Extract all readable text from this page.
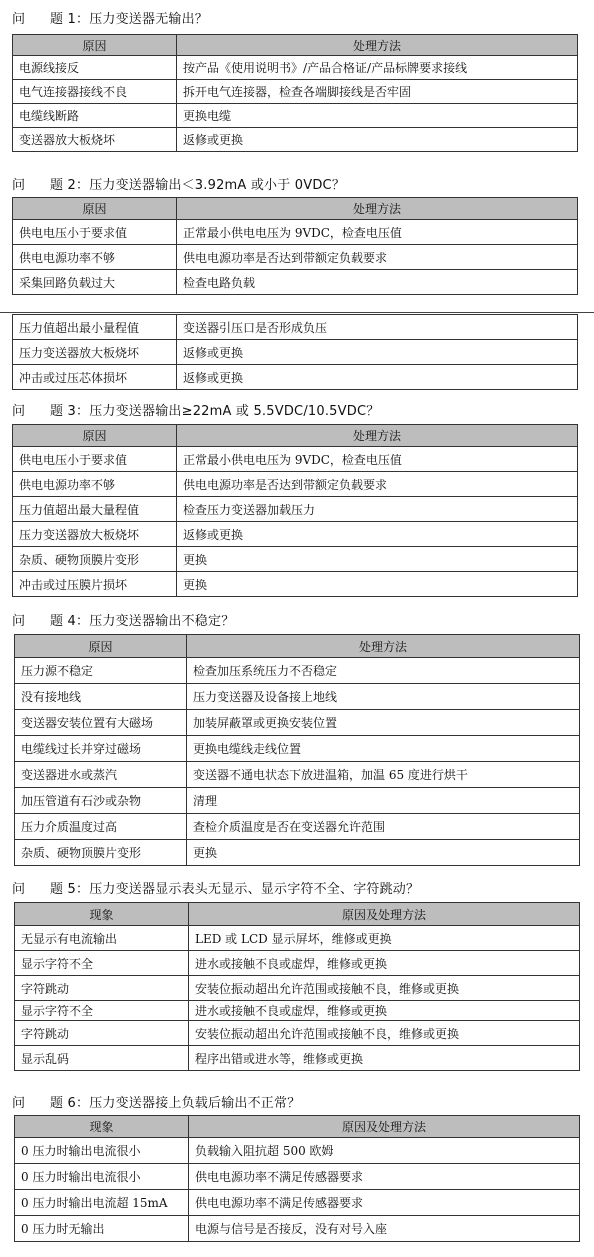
问 题 1：压力变送器无输出？
原因	处理方法
电源线接反	按产品《使用说明书》/产品合格证/产品标牌要求接线
电气连接器接线不良	拆开电气连接器，检查各端脚接线是否牢固
电缆线断路	更换电缆
变送器放大板烧坏	返修或更换
问 题 2：压力变送器输出＜3.92mA 或小于 0VDC？
原因	处理方法
供电电压小于要求值	正常最小供电电压为 9VDC，检查电压值
供电电源功率不够	供电电源功率是否达到带额定负载要求
采集回路负载过大	检查电路负载
压力值超出最小量程值	变送器引压口是否形成负压
压力变送器放大板烧坏	返修或更换
冲击或过压芯体损坏	返修或更换
问 题 3：压力变送器输出≥22mA 或 5.5VDC/10.5VDC？
原因	处理方法
供电电压小于要求值	正常最小供电电压为 9VDC，检查电压值
供电电源功率不够	供电电源功率是否达到带额定负载要求
压力值超出最大量程值	检查压力变送器加载压力
压力变送器放大板烧坏	返修或更换
杂质、硬物顶膜片变形	更换
冲击或过压膜片损坏	更换
问 题 4：压力变送器输出不稳定？
原因	处理方法
压力源不稳定	检查加压系统压力不否稳定
没有接地线	压力变送器及设备接上地线
变送器安装位置有大磁场	加装屏蔽罩或更换安装位置
电缆线过长并穿过磁场	更换电缆线走线位置
变送器进水或蒸汽	变送器不通电状态下放进温箱，加温 65 度进行烘干
加压管道有石沙或杂物	清理
压力介质温度过高	查检介质温度是否在变送器允许范围
杂质、硬物顶膜片变形	更换
问 题 5：压力变送器显示表头无显示、显示字符不全、字符跳动？
现象	原因及处理方法
无显示有电流输出	LED 或 LCD 显示屏坏，维修或更换
显示字符不全	进水或接触不良或虚焊，维修或更换
字符跳动	安装位振动超出允许范围或接触不良，维修或更换
显示字符不全	进水或接触不良或虚焊，维修或更换
字符跳动	安装位振动超出允许范围或接触不良，维修或更换
显示乱码	程序出错或进水等，维修或更换
问 题 6：压力变送器接上负载后输出不正常？
现象	原因及处理方法
0 压力时输出电流很小	负载输入阻抗超 500 欧姆
0 压力时输出电流很小	供电电源功率不满足传感器要求
0 压力时输出电流超 15mA	供电电源功率不满足传感器要求
0 压力时无输出	电源与信号是否接反，没有对号入座
